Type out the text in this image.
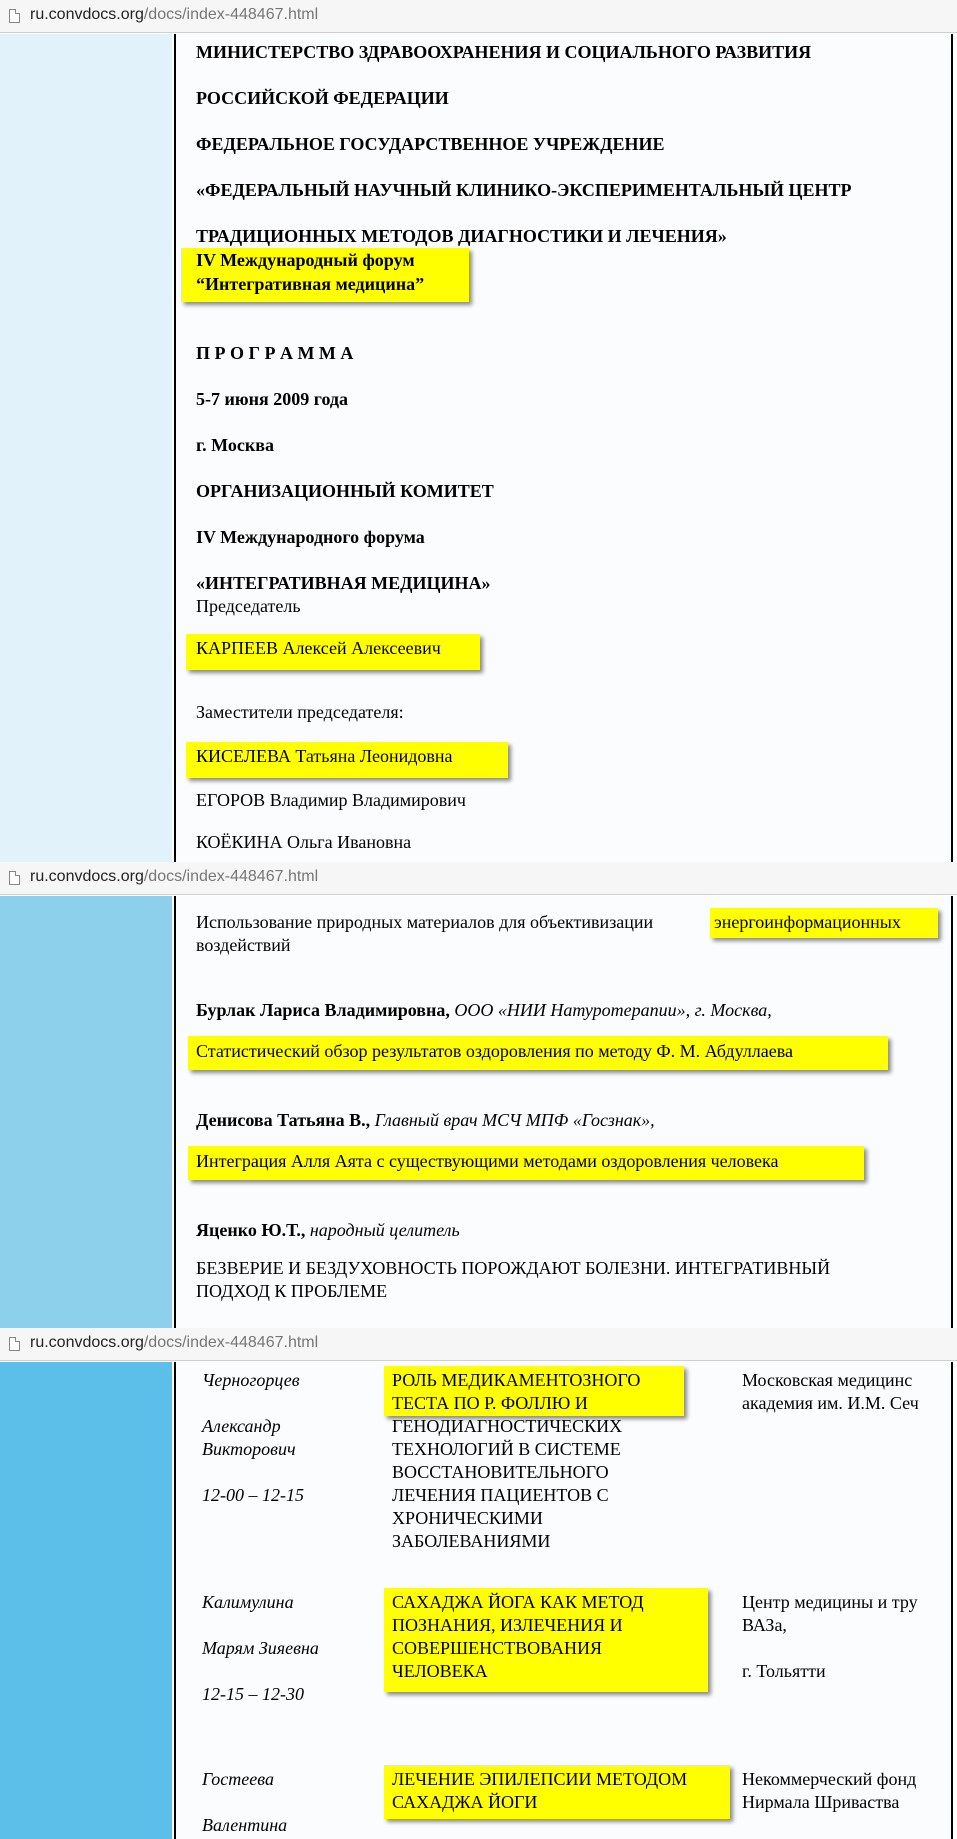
ru.convdocs.org/docs/index-448467.html
МИНИСТЕРСТВО ЗДРАВООХРАНЕНИЯ И СОЦИАЛЬНОГО РАЗВИТИЯ
РОССИЙСКОЙ ФЕДЕРАЦИИ
ФЕДЕРАЛЬНОЕ ГОСУДАРСТВЕННОЕ УЧРЕЖДЕНИЕ
«ФЕДЕРАЛЬНЫЙ НАУЧНЫЙ КЛИНИКО-ЭКСПЕРИМЕНТАЛЬНЫЙ ЦЕНТР
ТРАДИЦИОННЫХ МЕТОДОВ ДИАГНОСТИКИ И ЛЕЧЕНИЯ»
IV Международный форум
“Интегративная медицина”
П Р О Г Р А М М А
5-7 июня 2009 года
г. Москва
ОРГАНИЗАЦИОННЫЙ КОМИТЕТ
IV Международного форума
«ИНТЕГРАТИВНАЯ МЕДИЦИНА»
Председатель
КАРПЕЕВ Алексей Алексеевич
Заместители председателя:
КИСЕЛЕВА Татьяна Леонидовна
ЕГОРОВ Владимир Владимирович
КОЁКИНА Ольга Ивановна
ru.convdocs.org/docs/index-448467.html
Использование природных материалов для объективизации	энергоинформационных
воздействий
Бурлак Лариса Владимировна, ООО «НИИ Натуротерапии», г. Москва,
Статистический обзор результатов оздоровления по методу Ф. М. Абдуллаева
Денисова Татьяна В., Главный врач МСЧ МПФ «Госзнак»,
Интеграция Алля Аята с существующими методами оздоровления человека
Яценко Ю.Т., народный целитель
БЕЗВЕРИЕ И БЕЗДУХОВНОСТЬ ПОРОЖДАЮТ БОЛЕЗНИ. ИНТЕГРАТИВНЫЙ
ПОДХОД К ПРОБЛЕМЕ
ru.convdocs.org/docs/index-448467.html
Черногорцев
Александр
Викторович
12-00 – 12-15
РОЛЬ МЕДИКАМЕНТОЗНОГО
ТЕСТА ПО Р. ФОЛЛЮ И
ГЕНОДИАГНОСТИЧЕСКИХ
ТЕХНОЛОГИЙ В СИСТЕМЕ
ВОССТАНОВИТЕЛЬНОГО
ЛЕЧЕНИЯ ПАЦИЕНТОВ С
ХРОНИЧЕСКИМИ
ЗАБОЛЕВАНИЯМИ
Московская медицинс
академия им. И.М. Сеч
Калимулина
Марям Зияевна
12-15 – 12-30
САХАДЖА ЙОГА КАК МЕТОД
ПОЗНАНИЯ, ИЗЛЕЧЕНИЯ И
СОВЕРШЕНСТВОВАНИЯ
ЧЕЛОВЕКА
Центр медицины и тру
ВАЗа,
г. Тольятти
Гостеева
Валентина
ЛЕЧЕНИЕ ЭПИЛЕПСИИ МЕТОДОМ
САХАДЖА ЙОГИ
Некоммерческий фонд
Нирмала Шриваства
